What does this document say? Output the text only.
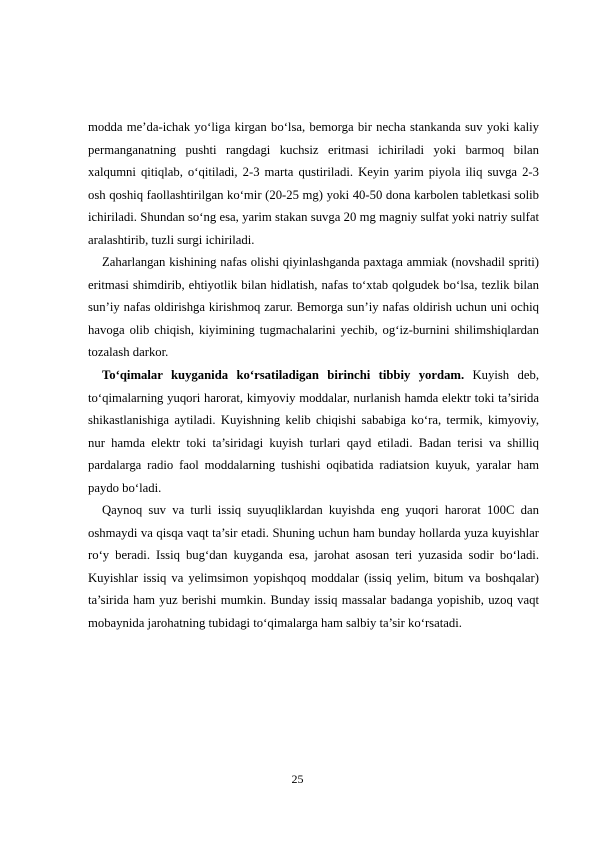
modda me’da-ichak yo‘liga kirgan bo‘lsa, bemorga bir necha stankanda suv yoki kaliy permanganatning pushti rangdagi kuchsiz eritmasi ichiriladi yoki barmoq bilan xalqumni qitiqlab, o‘qitiladi, 2-3 marta qustiriladi. Keyin yarim piyola iliq suvga 2-3 osh qoshiq faollashtirilgan ko‘mir (20-25 mg) yoki 40-50 dona karbolen tabletkasi solib ichiriladi. Shundan so‘ng esa, yarim stakan suvga 20 mg magniy sulfat yoki natriy sulfat aralashtirib, tuzli surgi ichiriladi.

Zaharlangan kishining nafas olishi qiyinlashganda paxtaga ammiak (novshadil spriti) eritmasi shimdirib, ehtiyotlik bilan hidlatish, nafas to‘xtab qolgudek bo‘lsa, tezlik bilan sun’iy nafas oldirishga kirishmoq zarur. Bemorga sun’iy nafas oldirish uchun uni ochiq havoga olib chiqish, kiyimining tugmachalarini yechib, og‘iz-burnini shilimshiqlardan tozalash darkor.

To‘qimalar kuyganida ko‘rsatiladigan birinchi tibbiy yordam. Kuyish deb, to‘qimalarning yuqori harorat, kimyoviy moddalar, nurlanish hamda elektr toki ta’sirida shikastlanishiga aytiladi. Kuyishning kelib chiqishi sababiga ko‘ra, termik, kimyoviy, nur hamda elektr toki ta’siridagi kuyish turlari qayd etiladi. Badan terisi va shilliq pardalarga radio faol moddalarning tushishi oqibatida radiatsion kuyuk, yaralar ham paydo bo‘ladi.

Qaynoq suv va turli issiq suyuqliklardan kuyishda eng yuqori harorat 100C dan oshmaydi va qisqa vaqt ta’sir etadi. Shuning uchun ham bunday hollarda yuza kuyishlar ro‘y beradi. Issiq bug‘dan kuyganda esa, jarohat asosan teri yuzasida sodir bo‘ladi. Kuyishlar issiq va yelimsimon yopishqoq moddalar (issiq yelim, bitum va boshqalar) ta’sirida ham yuz berishi mumkin. Bunday issiq massalar badanga yopishib, uzoq vaqt mobaynida jarohatning tubidagi to‘qimalarga ham salbiy ta’sir ko‘rsatadi.

25
